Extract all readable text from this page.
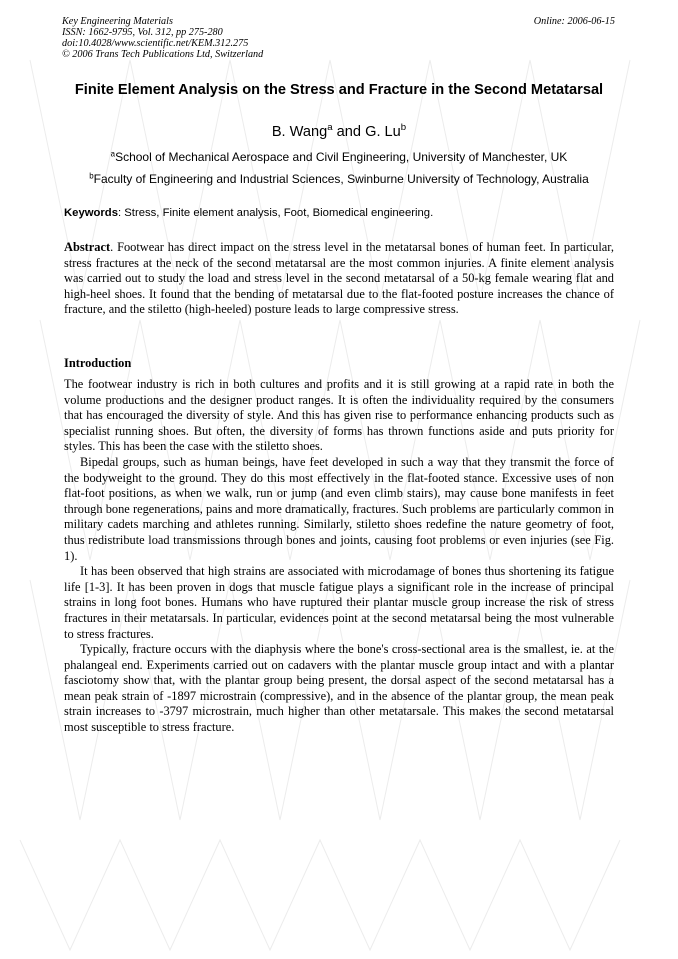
Key Engineering Materials
ISSN: 1662-9795, Vol. 312, pp 275-280
doi:10.4028/www.scientific.net/KEM.312.275
© 2006 Trans Tech Publications Ltd, Switzerland
Online: 2006-06-15
Finite Element Analysis on the Stress and Fracture in the Second Metatarsal
B. Wang$^a$ and G. Lu$^b$
$^a$School of Mechanical Aerospace and Civil Engineering, University of Manchester, UK
$^b$Faculty of Engineering and Industrial Sciences, Swinburne University of Technology, Australia
Keywords: Stress, Finite element analysis, Foot, Biomedical engineering.
Abstract. Footwear has direct impact on the stress level in the metatarsal bones of human feet. In particular, stress fractures at the neck of the second metatarsal are the most common injuries. A finite element analysis was carried out to study the load and stress level in the second metatarsal of a 50-kg female wearing flat and high-heel shoes. It found that the bending of metatarsal due to the flat-footed posture increases the chance of fracture, and the stiletto (high-heeled) posture leads to large compressive stress.
Introduction

The footwear industry is rich in both cultures and profits and it is still growing at a rapid rate in both the volume productions and the designer product ranges. It is often the individuality required by the consumers that has encouraged the diversity of style. And this has given rise to performance enhancing products such as specialist running shoes. But often, the diversity of forms has thrown functions aside and puts priority for styles. This has been the case with the stiletto shoes.

Bipedal groups, such as human beings, have feet developed in such a way that they transmit the force of the bodyweight to the ground. They do this most effectively in the flat-footed stance. Excessive uses of non flat-foot positions, as when we walk, run or jump (and even climb stairs), may cause bone manifests in feet through bone regenerations, pains and more dramatically, fractures. Such problems are particularly common in military cadets marching and athletes running. Similarly, stiletto shoes redefine the nature geometry of foot, thus redistribute load transmissions through bones and joints, causing foot problems or even injuries (see Fig. 1).

It has been observed that high strains are associated with microdamage of bones thus shortening its fatigue life [1-3]. It has been proven in dogs that muscle fatigue plays a significant role in the increase of principal strains in long foot bones. Humans who have ruptured their plantar muscle group increase the risk of stress fractures in their metatarsals. In particular, evidences point at the second metatarsal being the most vulnerable to stress fractures.

Typically, fracture occurs with the diaphysis where the bone's cross-sectional area is the smallest, ie. at the phalangeal end. Experiments carried out on cadavers with the plantar muscle group intact and with a plantar fasciotomy show that, with the plantar group being present, the dorsal aspect of the second metatarsal has a mean peak strain of -1897 microstrain (compressive), and in the absence of the plantar group, the mean peak strain increases to -3797 microstrain, much higher than other metatarsale. This makes the second metatarsal most susceptible to stress fracture.
